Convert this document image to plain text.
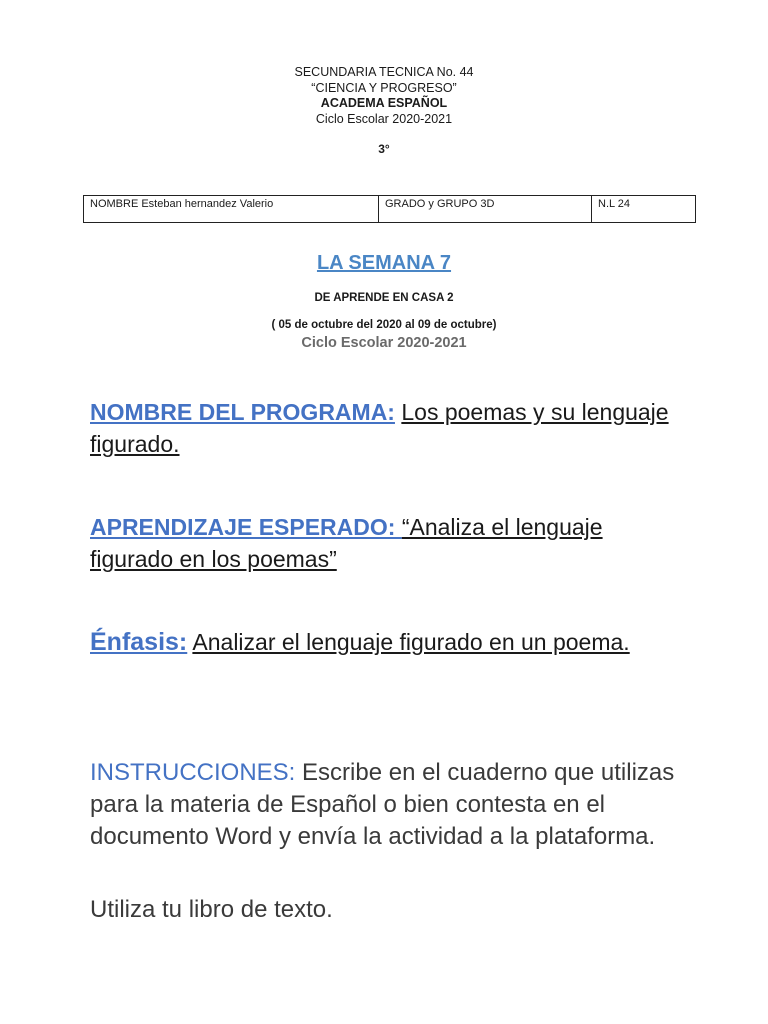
SECUNDARIA TECNICA No. 44
“CIENCIA Y PROGRESO”
ACADEMA ESPAÑOL
Ciclo Escolar 2020-2021
3°
NOMBRE Esteban hernandez Valerio	GRADO y GRUPO 3D	N.L 24
LA SEMANA 7
DE APRENDE EN CASA 2
( 05 de octubre del 2020 al 09 de octubre)
Ciclo Escolar 2020-2021
NOMBRE DEL PROGRAMA: Los poemas y su lenguaje figurado.
APRENDIZAJE ESPERADO: “Analiza el lenguaje figurado en los poemas”
Énfasis: Analizar el lenguaje figurado en un poema.
INSTRUCCIONES: Escribe en el cuaderno que utilizas para la materia de Español o bien contesta en el documento Word y envía la actividad a la plataforma.
Utiliza tu libro de texto.
